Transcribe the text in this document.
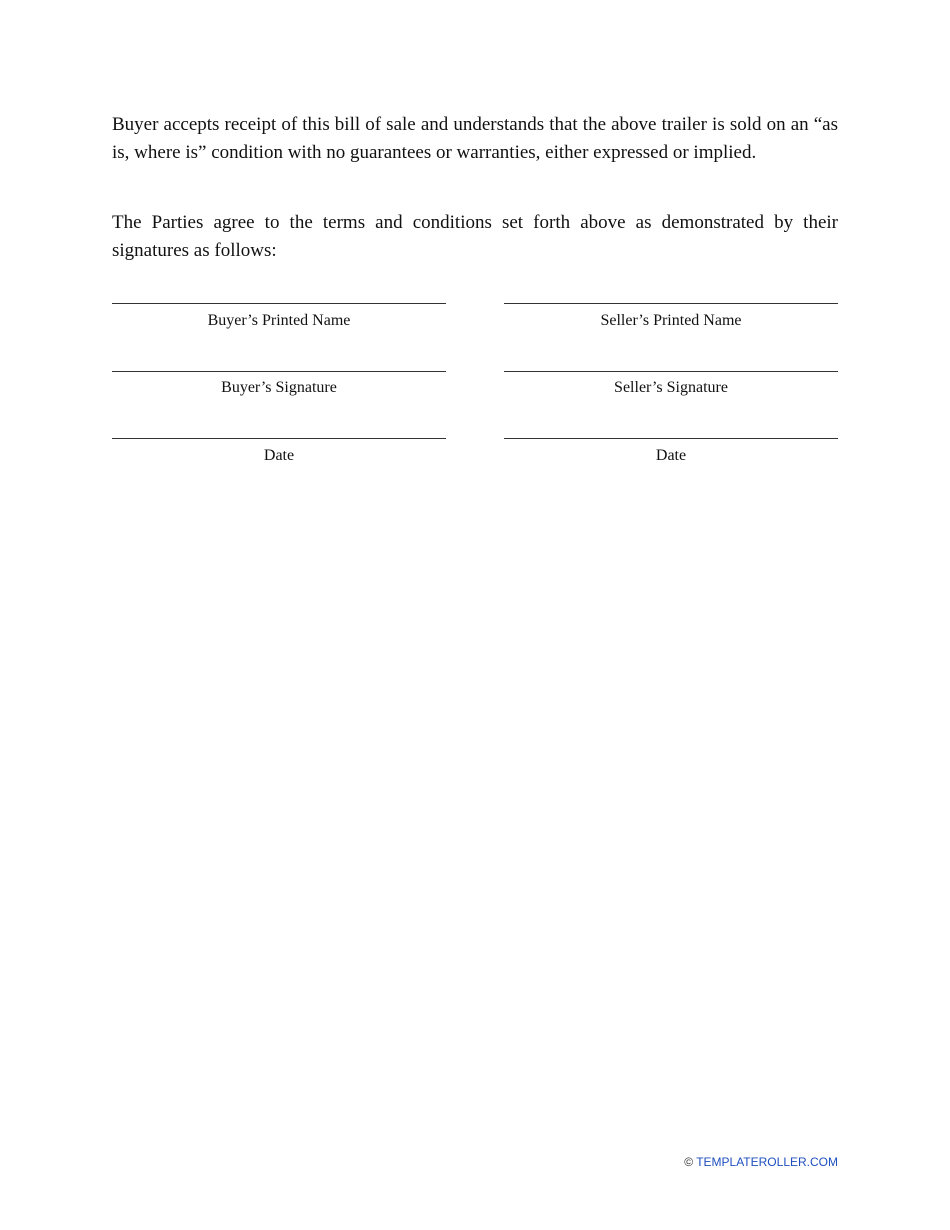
Buyer accepts receipt of this bill of sale and understands that the above trailer is sold on an “as is, where is” condition with no guarantees or warranties, either expressed or implied.

The Parties agree to the terms and conditions set forth above as demonstrated by their signatures as follows:

Buyer’s Printed Name	Seller’s Printed Name
Buyer’s Signature	Seller’s Signature
Date	Date
© TEMPLATEROLLER.COM
